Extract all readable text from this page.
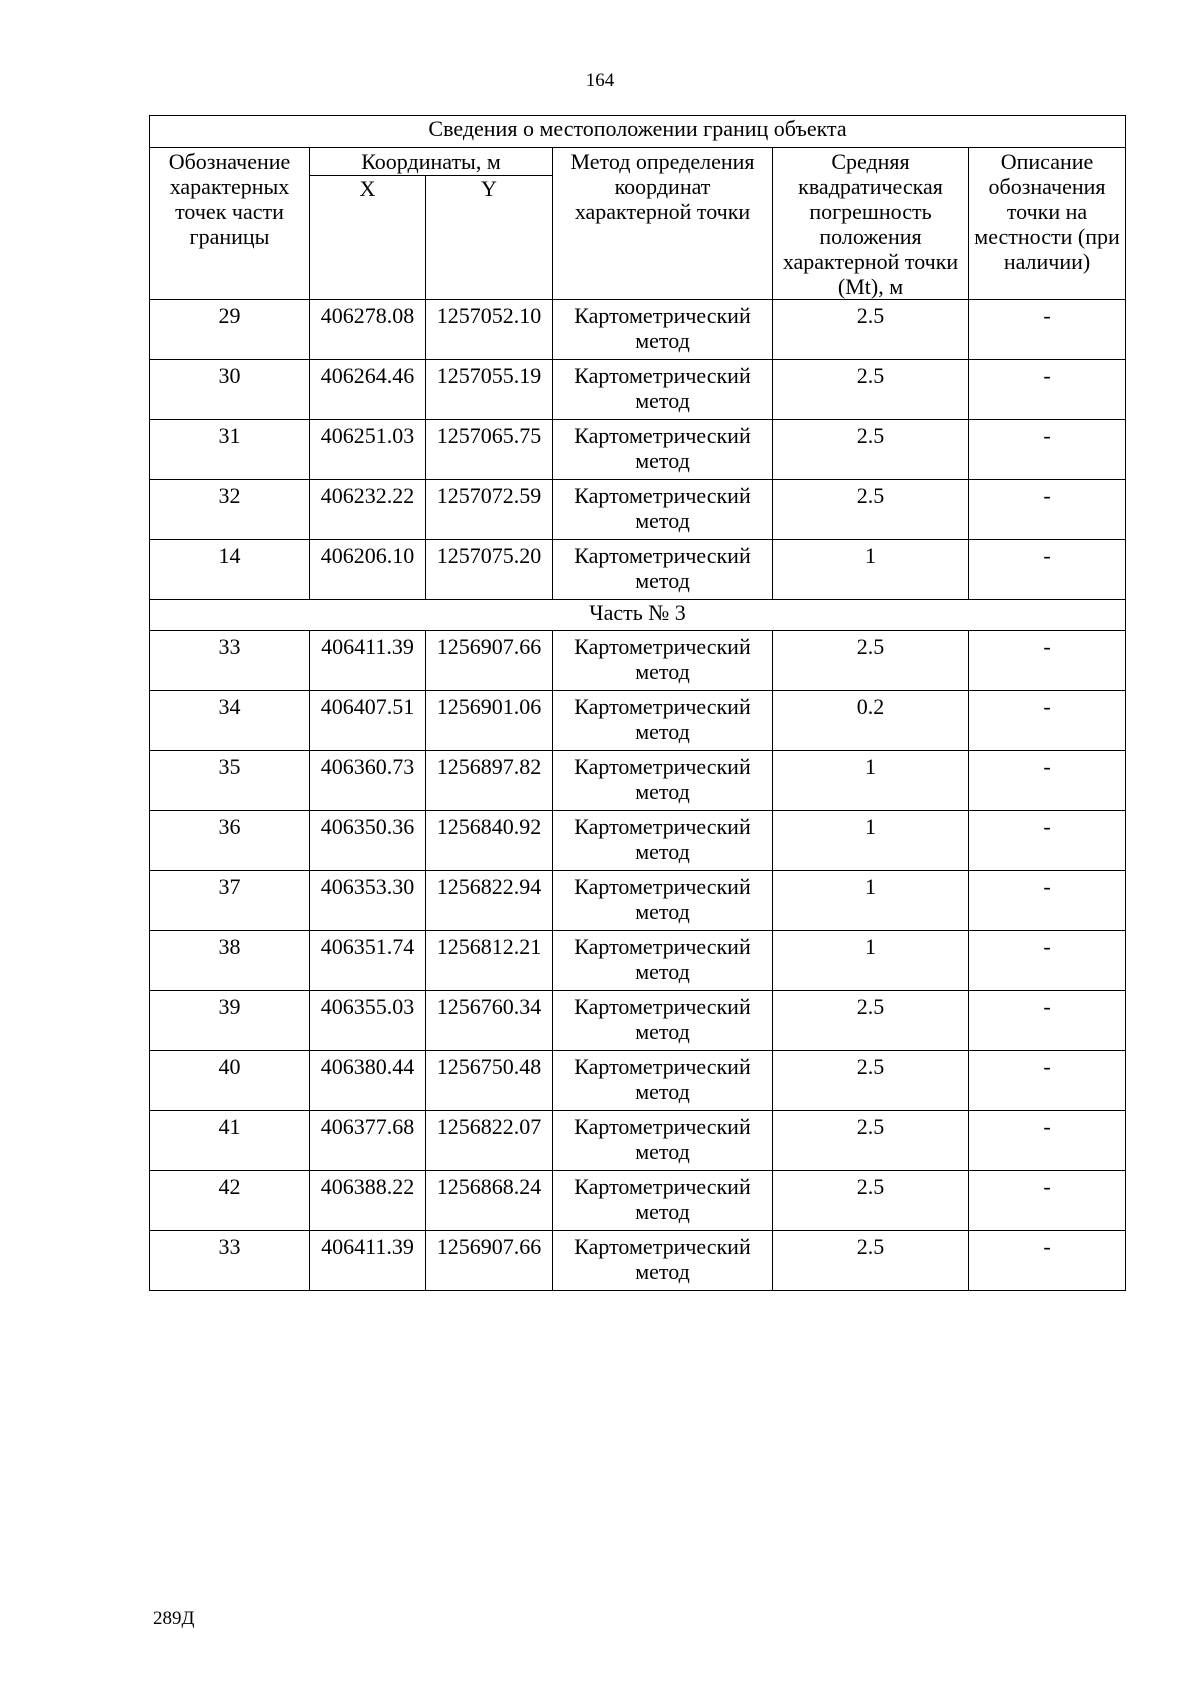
164
Сведения о местоположении границ объекта					
Обозначение характерных точек части границы	Координаты, м		Метод определения координат характерной точки	Средняя квадратическая погрешность положения характерной точки (Mt), м	Описание обозначения точки на местности (при наличии)
	X	Y			
29	406278.08	1257052.10	Картометрический метод	2.5	-
30	406264.46	1257055.19	Картометрический метод	2.5	-
31	406251.03	1257065.75	Картометрический метод	2.5	-
32	406232.22	1257072.59	Картометрический метод	2.5	-
14	406206.10	1257075.20	Картометрический метод	1	-
Часть № 3					
33	406411.39	1256907.66	Картометрический метод	2.5	-
34	406407.51	1256901.06	Картометрический метод	0.2	-
35	406360.73	1256897.82	Картометрический метод	1	-
36	406350.36	1256840.92	Картометрический метод	1	-
37	406353.30	1256822.94	Картометрический метод	1	-
38	406351.74	1256812.21	Картометрический метод	1	-
39	406355.03	1256760.34	Картометрический метод	2.5	-
40	406380.44	1256750.48	Картометрический метод	2.5	-
41	406377.68	1256822.07	Картометрический метод	2.5	-
42	406388.22	1256868.24	Картометрический метод	2.5	-
33	406411.39	1256907.66	Картометрический метод	2.5	-
289Д
